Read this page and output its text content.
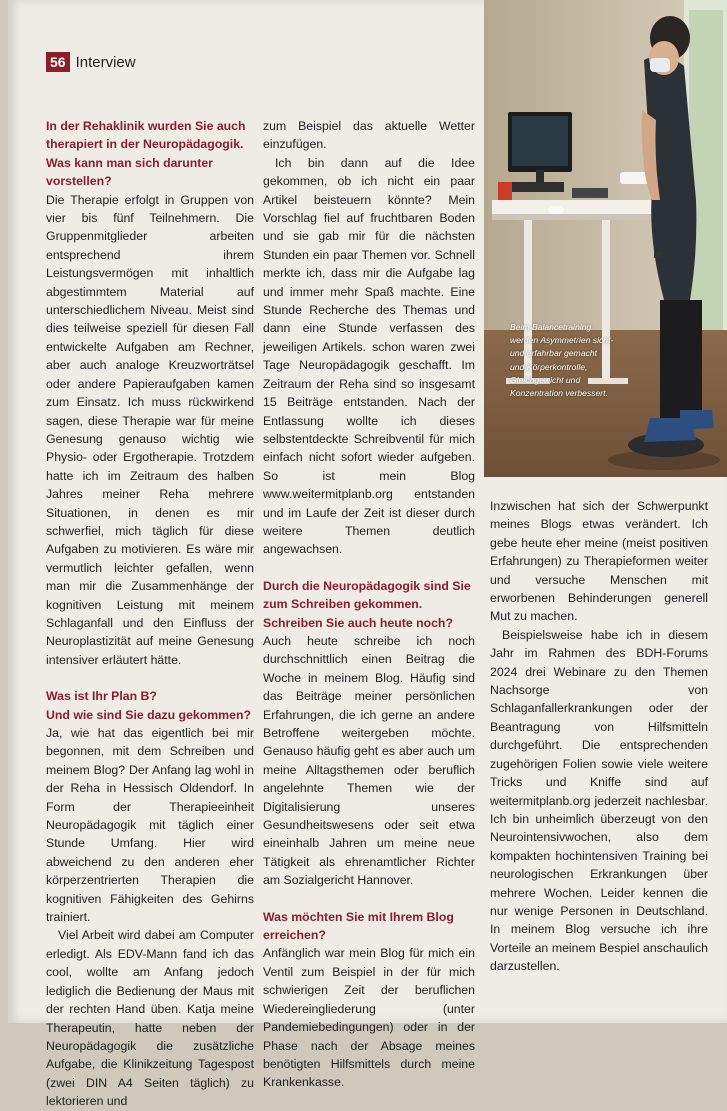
56 Interview
In der Rehaklinik wurden Sie auch therapiert in der Neuropädagogik. Was kann man sich darunter vorstellen?

Die Therapie erfolgt in Gruppen von vier bis fünf Teilnehmern. Die Gruppenmitglieder arbeiten entsprechend ihrem Leistungsvermögen mit inhaltlich abgestimmtem Material auf unterschiedlichem Niveau. Meist sind dies teilweise speziell für diesen Fall entwickelte Aufgaben am Rechner, aber auch analoge Kreuzworträtsel oder andere Papieraufgaben kamen zum Einsatz. Ich muss rückwirkend sagen, diese Therapie war für meine Genesung genauso wichtig wie Physio- oder Ergotherapie. Trotzdem hatte ich im Zeitraum des halben Jahres meiner Reha mehrere Situationen, in denen es mir schwerfiel, mich täglich für diese Aufgaben zu motivieren. Es wäre mir vermutlich leichter gefallen, wenn man mir die Zusammenhänge der kognitiven Leistung mit meinem Schlaganfall und den Einfluss der Neuroplastizität auf meine Genesung intensiver erläutert hätte.

Was ist Ihr Plan B?
Und wie sind Sie dazu gekommen?

Ja, wie hat das eigentlich bei mir begonnen, mit dem Schreiben und meinem Blog? Der Anfang lag wohl in der Reha in Hessisch Oldendorf. In Form der Therapieeinheit Neuropädagogik mit täglich einer Stunde Umfang. Hier wird abweichend zu den anderen eher körperzentrierten Therapien die kognitiven Fähigkeiten des Gehirns trainiert.

Viel Arbeit wird dabei am Computer erledigt. Als EDV-Mann fand ich das cool, wollte am Anfang jedoch lediglich die Bedienung der Maus mit der rechten Hand üben. Katja meine Therapeutin, hatte neben der Neuropädagogik die zusätzliche Aufgabe, die Klinikzeitung Tagespost (zwei DIN A4 Seiten täglich) zu lektorieren und

zum Beispiel das aktuelle Wetter einzufügen.

Ich bin dann auf die Idee gekommen, ob ich nicht ein paar Artikel beisteuern könnte? Mein Vorschlag fiel auf fruchtbaren Boden und sie gab mir für die nächsten Stunden ein paar Themen vor. Schnell merkte ich, dass mir die Aufgabe lag und immer mehr Spaß machte. Eine Stunde Recherche des Themas und dann eine Stunde verfassen des jeweiligen Artikels. schon waren zwei Tage Neuropädagogik geschafft. Im Zeitraum der Reha sind so insgesamt 15 Beiträge entstanden. Nach der Entlassung wollte ich dieses selbstentdeckte Schreibventil für mich einfach nicht sofort wieder aufgeben. So ist mein Blog www.weitermitplanb.org entstanden und im Laufe der Zeit ist dieser durch weitere Themen deutlich angewachsen.

Durch die Neuropädagogik sind Sie zum Schreiben gekommen.
Schreiben Sie auch heute noch?

Auch heute schreibe ich noch durchschnittlich einen Beitrag die Woche in meinem Blog. Häufig sind das Beiträge meiner persönlichen Erfahrungen, die ich gerne an andere Betroffene weitergeben möchte. Genauso häufig geht es aber auch um meine Alltagsthemen oder beruflich angelehnte Themen wie der Digitalisierung unseres Gesundheitswesens oder seit etwa eineinhalb Jahren um meine neue Tätigkeit als ehrenamtlicher Richter am Sozialgericht Hannover.

Was möchten Sie mit Ihrem Blog erreichen?

Anfänglich war mein Blog für mich ein Ventil zum Beispiel in der für mich schwierigen Zeit der beruflichen Wiedereingliederung (unter Pandemiebedingungen) oder in der Phase nach der Absage meines benötigten Hilfsmittels durch meine Krankenkasse.

Inzwischen hat sich der Schwerpunkt meines Blogs etwas verändert. Ich gebe heute eher meine (meist positiven Erfahrungen) zu Therapieformen weiter und versuche Menschen mit erworbenen Behinderungen generell Mut zu machen.

Beispielsweise habe ich in diesem Jahr im Rahmen des BDH-Forums 2024 drei Webinare zu den Themen Nachsorge von Schlaganfallerkrankungen oder der Beantragung von Hilfsmitteln durchgeführt. Die entsprechenden zugehörigen Folien sowie viele weitere Tricks und Kniffe sind auf weitermitplanb.org jederzeit nachlesbar. Ich bin unheimlich überzeugt von den Neurointensivwochen, also dem kompakten hochintensiven Training bei neurologischen Erkrankungen über mehrere Wochen. Leider kennen die nur wenige Personen in Deutschland. In meinem Blog versuche ich ihre Vorteile an meinem Bespiel anschaulich darzustellen.

Beim Balancetraining
werden Asymmetrien sicht-
und erfahrbar gemacht
und Körperkontrolle,
Gleichgewicht und
Konzentration verbessert.
